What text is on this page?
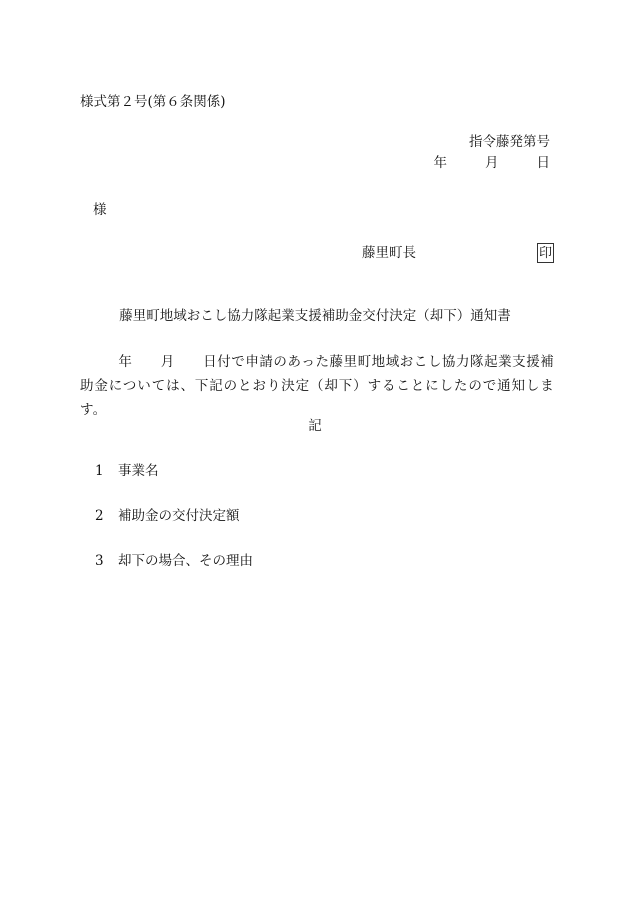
様式第２号(第６条関係)
指令藤発第号
年	月	日
様
藤里町長	印
藤里町地域おこし協力隊起業支援補助金交付決定（却下）通知書
年 月 日付で申請のあった藤里町地域おこし協力隊起業支援補助金については、下記のとおり決定（却下）することにしたので通知します。
記
1	事業名
2	補助金の交付決定額
3	却下の場合、その理由
